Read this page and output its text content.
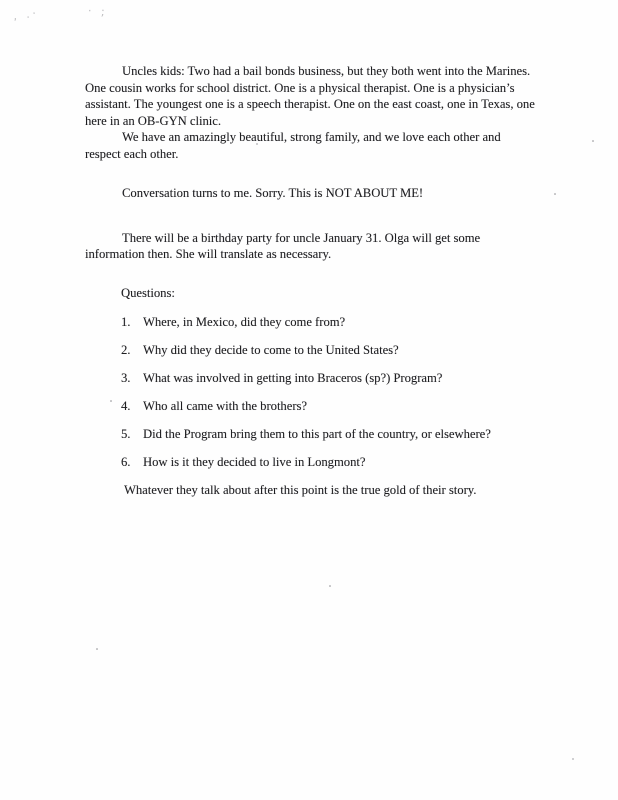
, .·	· ;

Uncles kids: Two had a bail bonds business, but they both went into the Marines.
One cousin works for school district. One is a physical therapist. One is a physician’s
assistant. The youngest one is a speech therapist. One on the east coast, one in Texas, one
here in an OB-GYN clinic.

We have an amazingly beautiful, strong family, and we love each other and
respect each other.

Conversation turns to me. Sorry. This is NOT ABOUT ME!

There will be a birthday party for uncle January 31. Olga will get some
information then. She will translate as necessary.

Questions:

1. Where, in Mexico, did they come from?
2. Why did they decide to come to the United States?
3. What was involved in getting into Braceros (sp?) Program?
4. Who all came with the brothers?
5. Did the Program bring them to this part of the country, or elsewhere?
6. How is it they decided to live in Longmont?

Whatever they talk about after this point is the true gold of their story.
